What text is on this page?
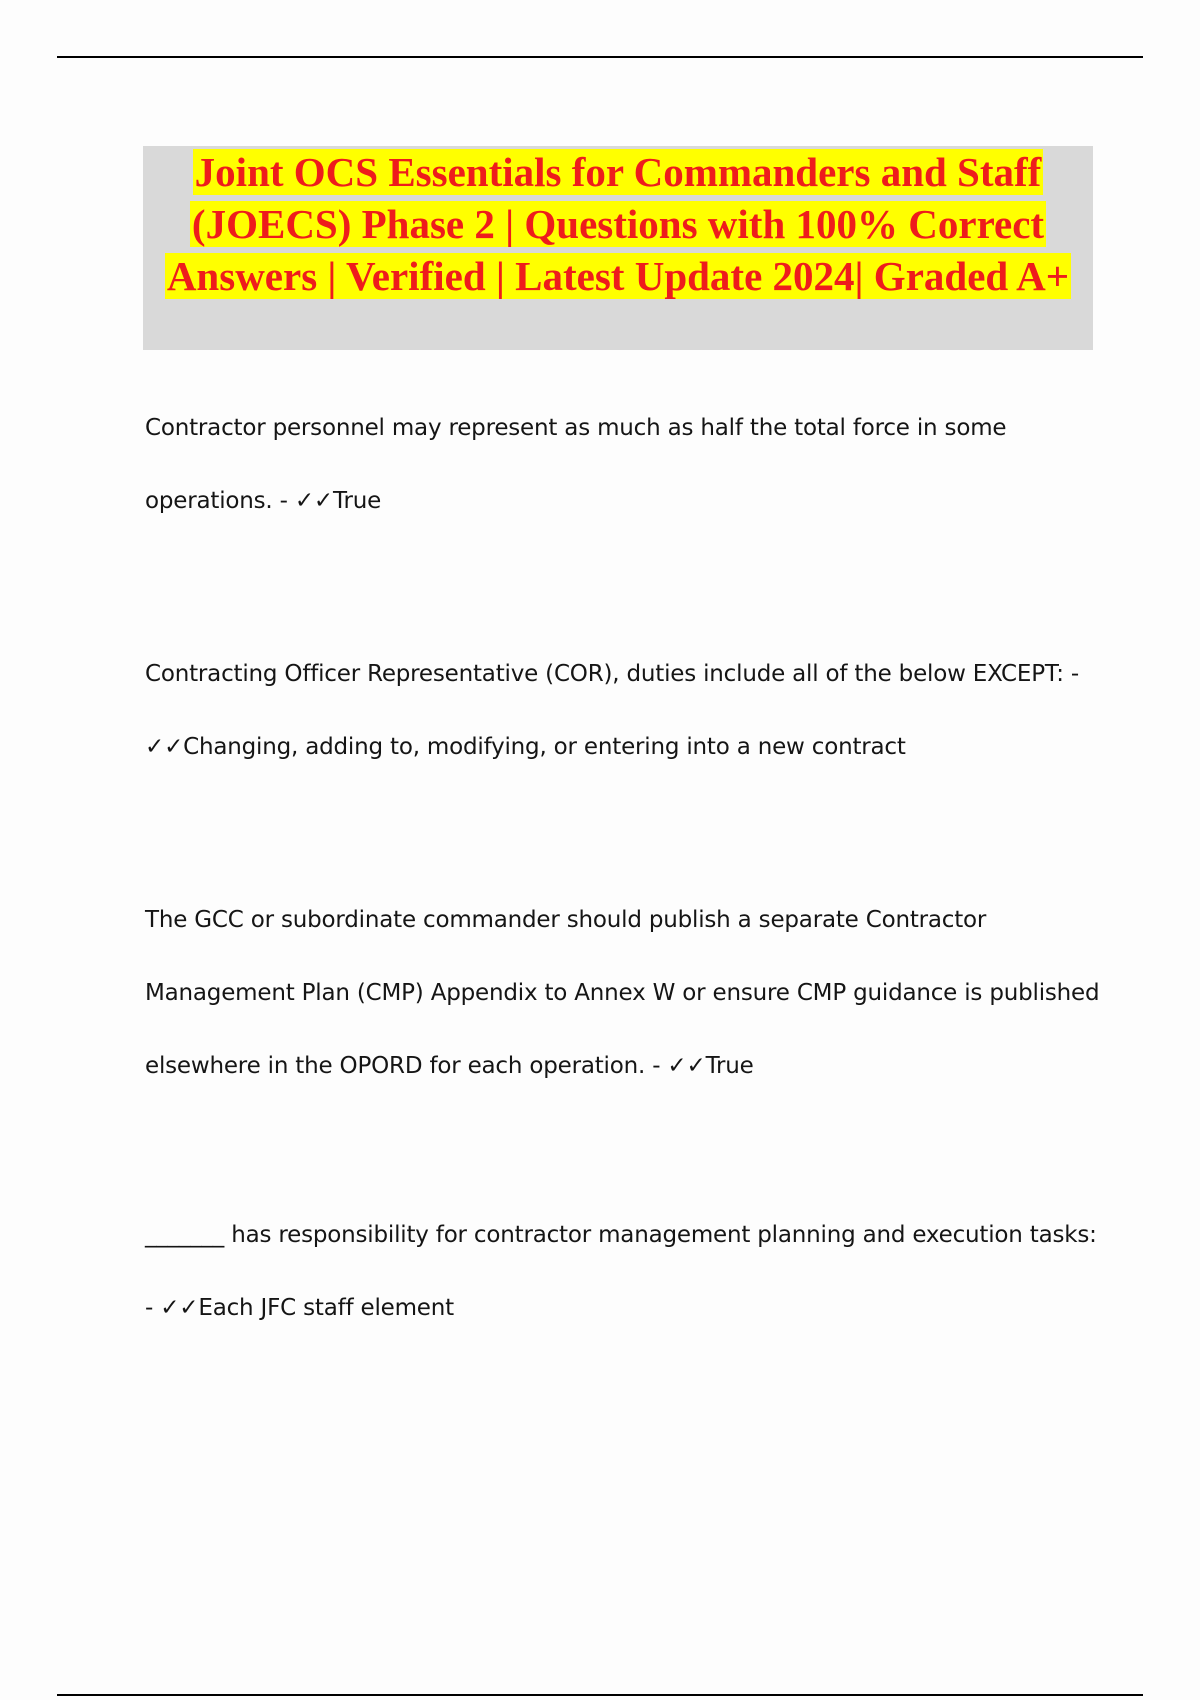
Joint OCS Essentials for Commanders and Staff (JOECS) Phase 2 | Questions with 100% Correct Answers | Verified | Latest Update 2024| Graded A+

Contractor personnel may represent as much as half the total force in some operations. - ✓✓True

Contracting Officer Representative (COR), duties include all of the below EXCEPT: - ✓✓Changing, adding to, modifying, or entering into a new contract

The GCC or subordinate commander should publish a separate Contractor Management Plan (CMP) Appendix to Annex W or ensure CMP guidance is published elsewhere in the OPORD for each operation. - ✓✓True

_______ has responsibility for contractor management planning and execution tasks: - ✓✓Each JFC staff element
